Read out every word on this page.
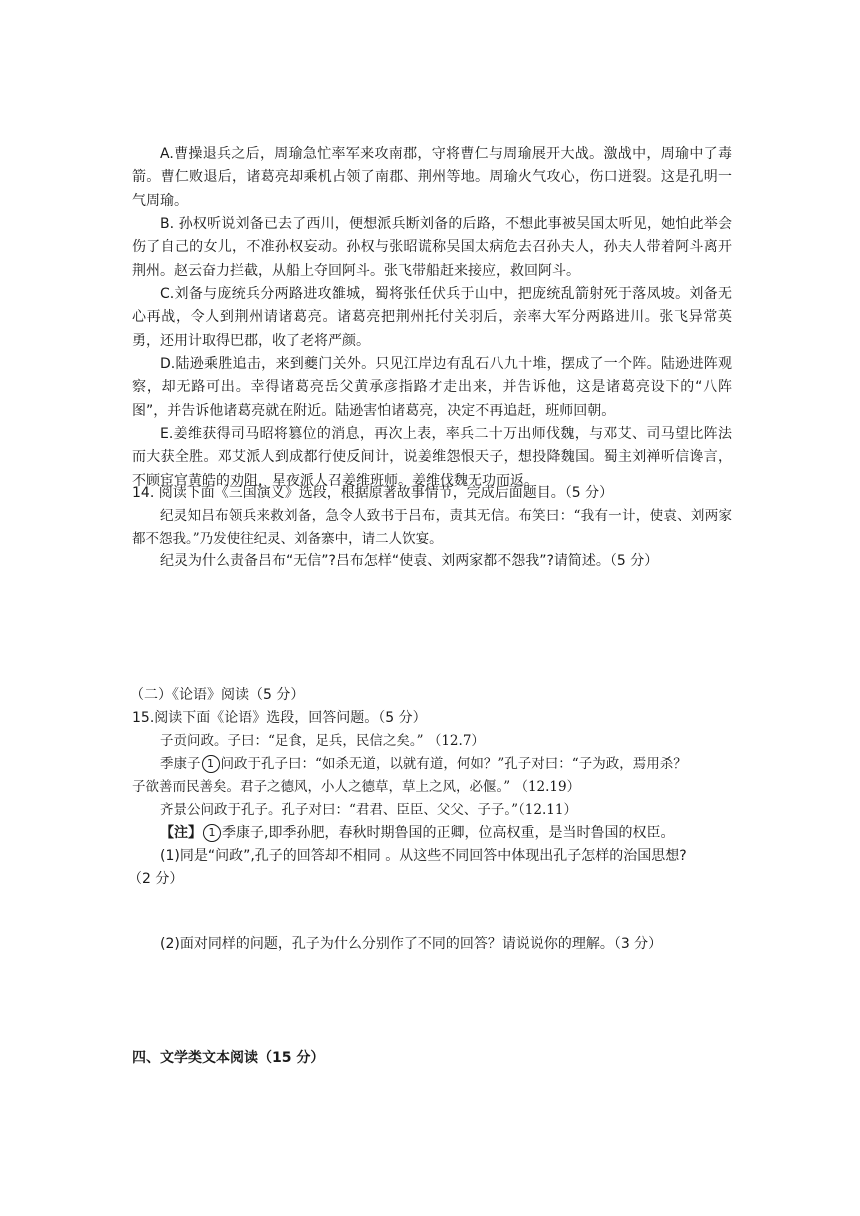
A.曹操退兵之后，周瑜急忙率军来攻南郡，守将曹仁与周瑜展开大战。激战中，周瑜中了毒箭。曹仁败退后，诸葛亮却乘机占领了南郡、荆州等地。周瑜火气攻心，伤口迸裂。这是孔明一气周瑜。

B. 孙权听说刘备已去了西川，便想派兵断刘备的后路，不想此事被吴国太听见，她怕此举会伤了自己的女儿，不准孙权妄动。孙权与张昭谎称吴国太病危去召孙夫人，孙夫人带着阿斗离开荆州。赵云奋力拦截，从船上夺回阿斗。张飞带船赶来接应，救回阿斗。

C.刘备与庞统兵分两路进攻雒城，蜀将张任伏兵于山中，把庞统乱箭射死于落凤坡。刘备无心再战，令人到荆州请诸葛亮。诸葛亮把荆州托付关羽后，亲率大军分两路进川。张飞异常英勇，还用计取得巴郡，收了老将严颜。

D.陆逊乘胜追击，来到夔门关外。只见江岸边有乱石八九十堆，摆成了一个阵。陆逊进阵观察，却无路可出。幸得诸葛亮岳父黄承彦指路才走出来，并告诉他，这是诸葛亮设下的“八阵图”，并告诉他诸葛亮就在附近。陆逊害怕诸葛亮，决定不再追赶，班师回朝。

E.姜维获得司马昭将篡位的消息，再次上表，率兵二十万出师伐魏，与邓艾、司马望比阵法而大获全胜。邓艾派人到成都行使反间计，说姜维怨恨天子，想投降魏国。蜀主刘禅听信谗言，不顾宦官黄皓的劝阻，星夜派人召姜维班师。姜维伐魏无功而返。

14. 阅读下面《三国演义》选段，根据原著故事情节，完成后面题目。（5 分）

纪灵知吕布领兵来救刘备，急令人致书于吕布，责其无信。布笑曰：“我有一计，使袁、刘两家都不怨我。”乃发使往纪灵、刘备寨中，请二人饮宴。

纪灵为什么责备吕布“无信”?吕布怎样“使袁、刘两家都不怨我”?请简述。（5 分）
（二）《论语》阅读（5 分）
15.阅读下面《论语》选段，回答问题。（5 分）
子贡问政。子曰：“足食，足兵，民信之矣。” （12.7）
季康子 1 问政于孔子曰：“如杀无道，以就有道，何如？”孔子对曰：“子为政，焉用杀？
子欲善而民善矣。君子之德风，小人之德草，草上之风，必偃。” （12.19）
齐景公问政于孔子。孔子对曰：“君君、臣臣、父父、子子。”（12.11）
【注】 1 季康子,即季孙肥，春秋时期鲁国的正卿，位高权重，是当时鲁国的权臣。
(1)同是“问政”,孔子的回答却不相同 。从这些不同回答中体现出孔子怎样的治国思想?
（2 分）
(2)面对同样的问题，孔子为什么分别作了不同的回答？请说说你的理解。（3 分）
四、文学类文本阅读（15 分）
